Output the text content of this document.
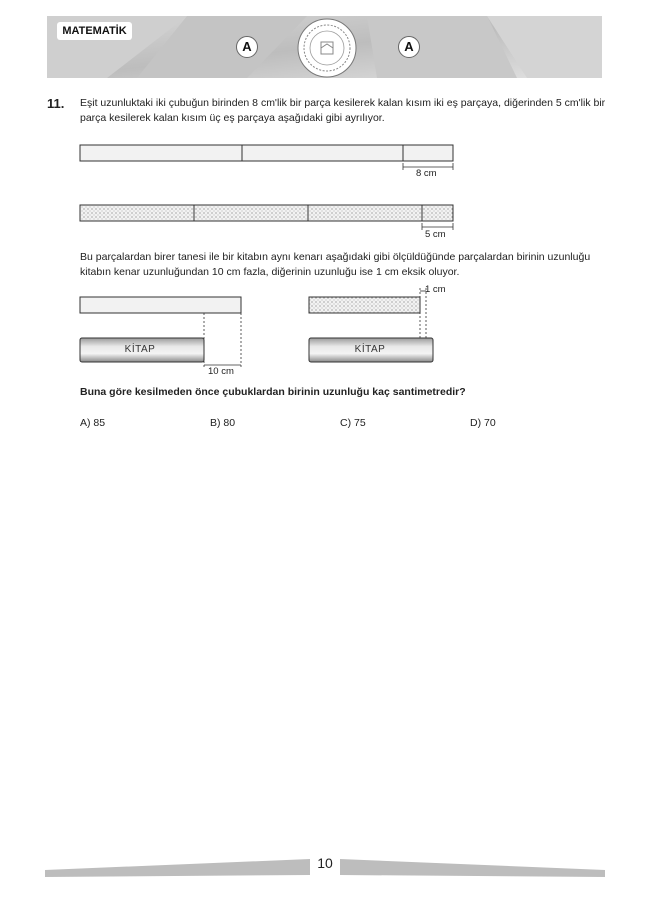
MATEMATİK
A	A
11. Eşit uzunluktaki iki çubuğun birinden 8 cm'lik bir parça kesilerek kalan kısım iki eş parçaya, diğerinden 5 cm'lik bir parça kesilerek kalan kısım üç eş parçaya aşağıdaki gibi ayrılıyor.
8 cm
5 cm
Bu parçalardan birer tanesi ile bir kitabın aynı kenarı aşağıdaki gibi ölçüldüğünde parçalardan birinin uzunluğu kitabın kenar uzunluğundan 10 cm fazla, diğerinin uzunluğu ise 1 cm eksik oluyor.
KİTAP	KİTAP
10 cm
1 cm
Buna göre kesilmeden önce çubuklardan birinin uzunluğu kaç santimetredir?
A) 85	B) 80	C) 75	D) 70
10
